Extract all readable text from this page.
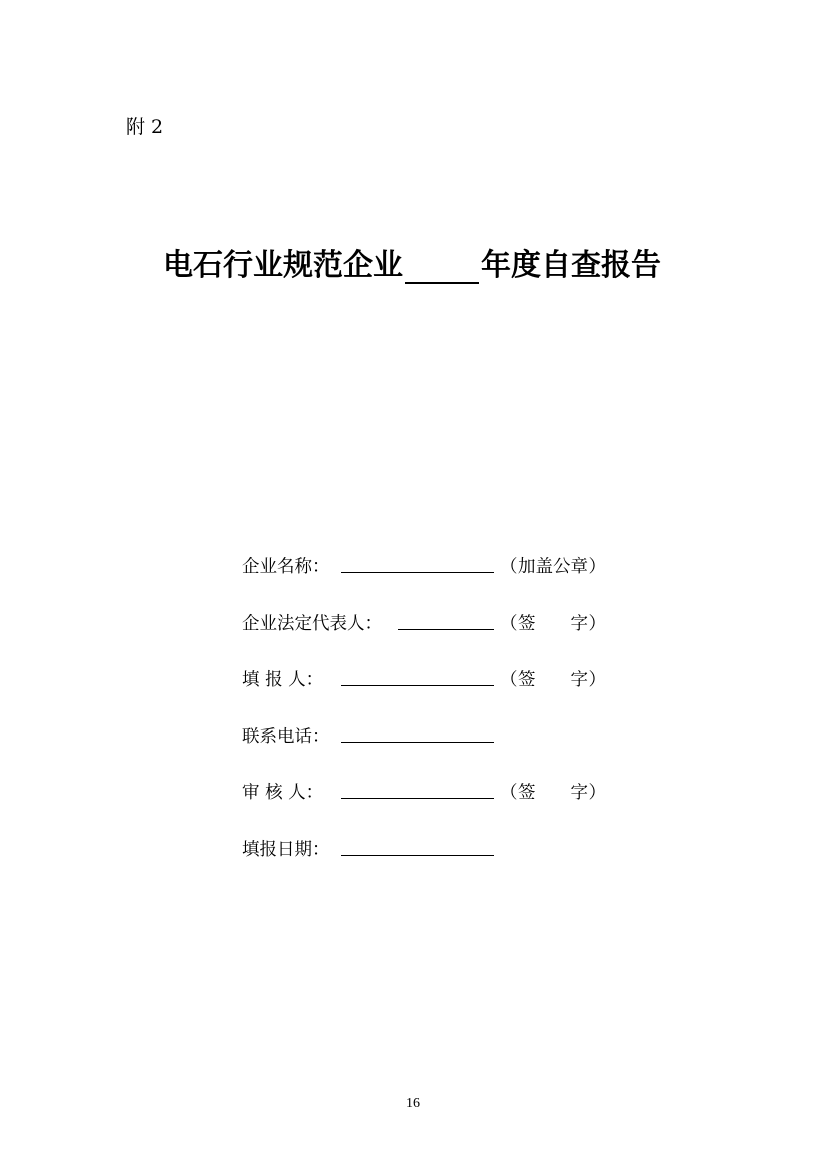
附 2
电石行业规范企业	年度自查报告
企业名称：	（ 加盖公章 ）
企业法定代表人：	（ 签　　字 ）
填 报 人：	（ 签　　字 ）
联系电话：
审 核 人：	（ 签　　字 ）
填报日期：
16
